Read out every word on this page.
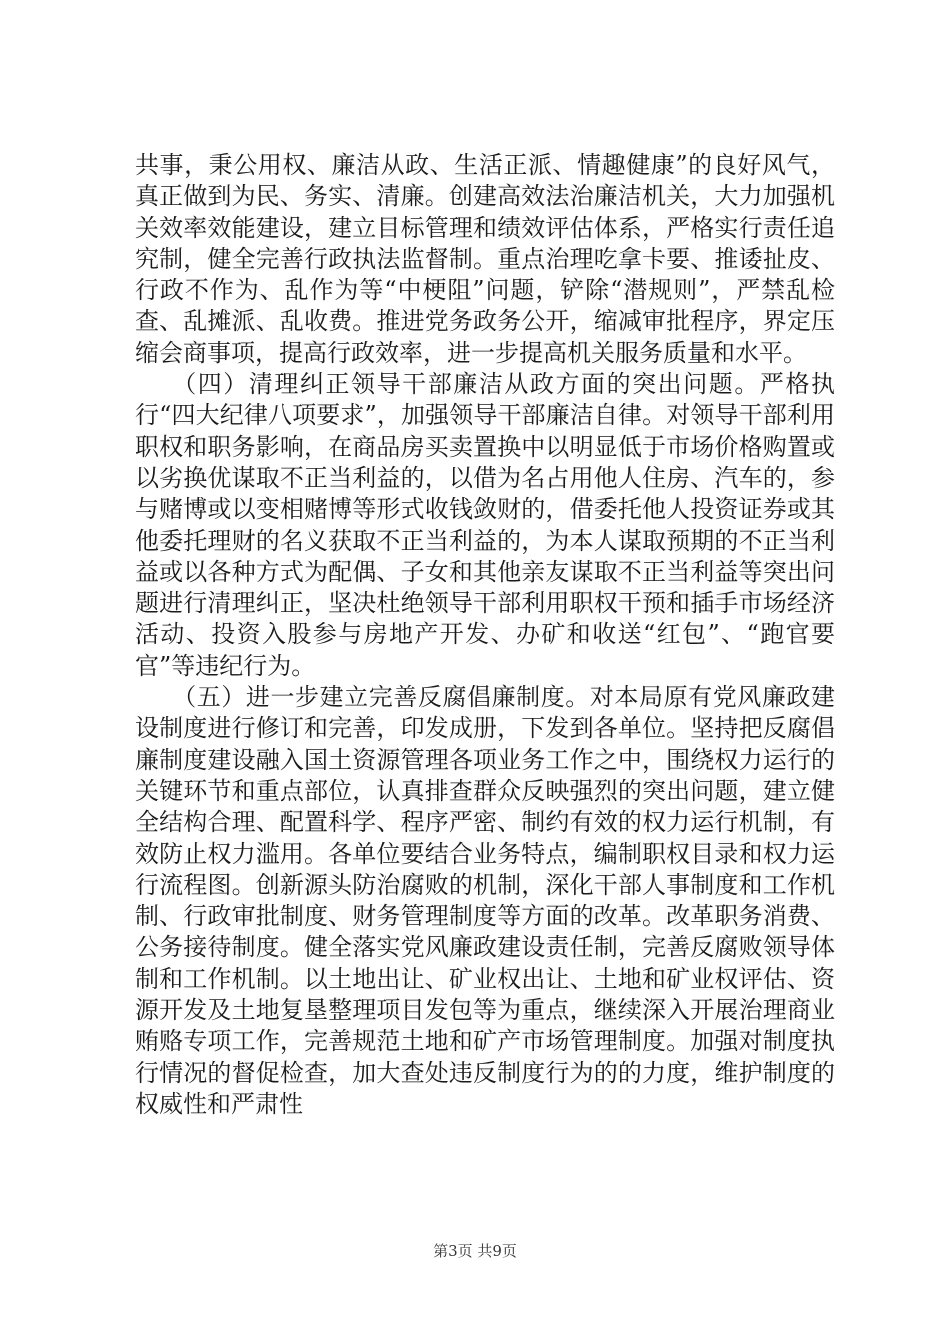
共事，秉公用权、廉洁从政、生活正派、情趣健康”的良好风气，真正做到为民、务实、清廉。创建高效法治廉洁机关，大力加强机关效率效能建设，建立目标管理和绩效评估体系，严格实行责任追究制，健全完善行政执法监督制。重点治理吃拿卡要、推诿扯皮、行政不作为、乱作为等“中梗阻”问题，铲除“潜规则”，严禁乱检查、乱摊派、乱收费。推进党务政务公开，缩减审批程序，界定压缩会商事项，提高行政效率，进一步提高机关服务质量和水平。

（四）清理纠正领导干部廉洁从政方面的突出问题。严格执行“四大纪律八项要求”，加强领导干部廉洁自律。对领导干部利用职权和职务影响，在商品房买卖置换中以明显低于市场价格购置或以劣换优谋取不正当利益的，以借为名占用他人住房、汽车的，参与赌博或以变相赌博等形式收钱敛财的，借委托他人投资证券或其他委托理财的名义获取不正当利益的，为本人谋取预期的不正当利益或以各种方式为配偶、子女和其他亲友谋取不正当利益等突出问题进行清理纠正，坚决杜绝领导干部利用职权干预和插手市场经济活动、投资入股参与房地产开发、办矿和收送“红包”、“跑官要官”等违纪行为。

（五）进一步建立完善反腐倡廉制度。对本局原有党风廉政建设制度进行修订和完善，印发成册，下发到各单位。坚持把反腐倡廉制度建设融入国土资源管理各项业务工作之中，围绕权力运行的关键环节和重点部位，认真排查群众反映强烈的突出问题，建立健全结构合理、配置科学、程序严密、制约有效的权力运行机制，有效防止权力滥用。各单位要结合业务特点，编制职权目录和权力运行流程图。创新源头防治腐败的机制，深化干部人事制度和工作机制、行政审批制度、财务管理制度等方面的改革。改革职务消费、公务接待制度。健全落实党风廉政建设责任制，完善反腐败领导体制和工作机制。以土地出让、矿业权出让、土地和矿业权评估、资源开发及土地复垦整理项目发包等为重点，继续深入开展治理商业贿赂专项工作，完善规范土地和矿产市场管理制度。加强对制度执行情况的督促检查，加大查处违反制度行为的的力度，维护制度的权威性和严肃性

第3页 共9页
